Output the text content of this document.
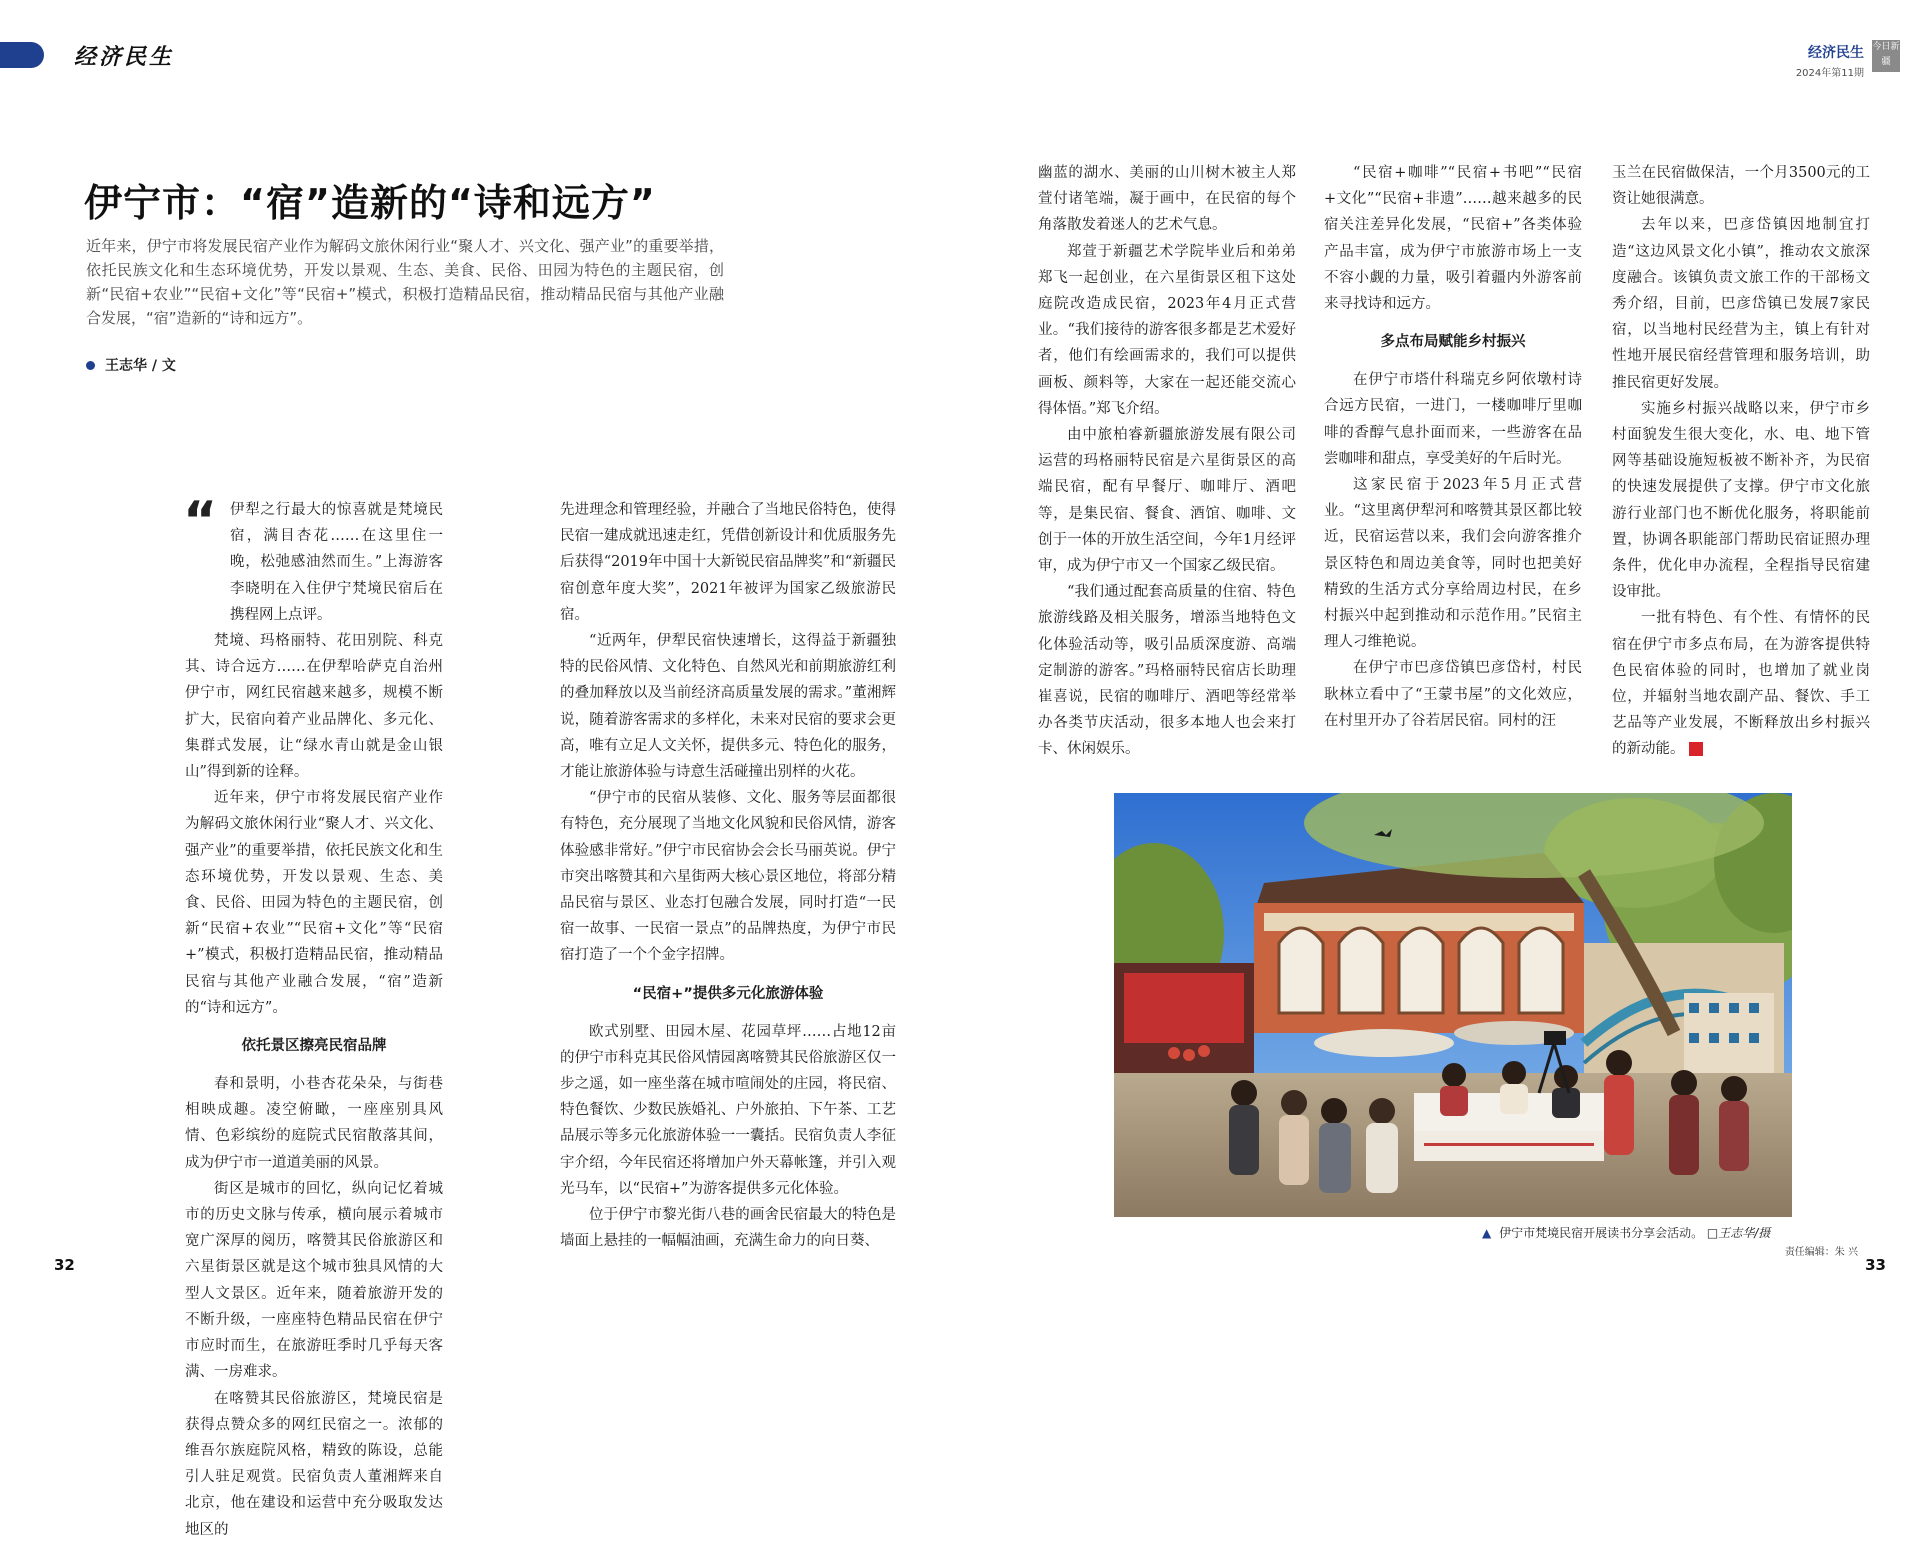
经济民生	经济民生
2024年第11期
今日新疆
伊宁市：“宿”造新的“诗和远方”
近年来，伊宁市将发展民宿产业作为解码文旅休闲行业“聚人才、兴文化、强产业”的重要举措，依托民族文化和生态环境优势，开发以景观、生态、美食、民俗、田园为特色的主题民宿，创新“民宿+农业”“民宿+文化”等“民宿+”模式，积极打造精品民宿，推动精品民宿与其他产业融合发展，“宿”造新的“诗和远方”。
王志华 / 文
“ 伊犁之行最大的惊喜就是梵境民宿，满目杏花……在这里住一晚，松弛感油然而生。”上海游客李晓明在入住伊宁梵境民宿后在携程网上点评。

梵境、玛格丽特、花田别院、科克其、诗合远方……在伊犁哈萨克自治州伊宁市，网红民宿越来越多，规模不断扩大，民宿向着产业品牌化、多元化、集群式发展，让“绿水青山就是金山银山”得到新的诠释。

近年来，伊宁市将发展民宿产业作为解码文旅休闲行业“聚人才、兴文化、强产业”的重要举措，依托民族文化和生态环境优势，开发以景观、生态、美食、民俗、田园为特色的主题民宿，创新“民宿+农业”“民宿+文化”等“民宿+”模式，积极打造精品民宿，推动精品民宿与其他产业融合发展，“宿”造新的“诗和远方”。

依托景区擦亮民宿品牌

春和景明，小巷杏花朵朵，与街巷相映成趣。凌空俯瞰，一座座别具风情、色彩缤纷的庭院式民宿散落其间，成为伊宁市一道道美丽的风景。

街区是城市的回忆，纵向记忆着城市的历史文脉与传承，横向展示着城市宽广深厚的阅历，喀赞其民俗旅游区和六星街景区就是这个城市独具风情的大型人文景区。近年来，随着旅游开发的不断升级，一座座特色精品民宿在伊宁市应时而生，在旅游旺季时几乎每天客满、一房难求。

在喀赞其民俗旅游区，梵境民宿是获得点赞众多的网红民宿之一。浓郁的维吾尔族庭院风格，精致的陈设，总能引人驻足观赏。民宿负责人董湘辉来自北京，他在建设和运营中充分吸取发达地区的

先进理念和管理经验，并融合了当地民俗特色，使得民宿一建成就迅速走红，凭借创新设计和优质服务先后获得“2019年中国十大新锐民宿品牌奖”和“新疆民宿创意年度大奖”，2021年被评为国家乙级旅游民宿。

“近两年，伊犁民宿快速增长，这得益于新疆独特的民俗风情、文化特色、自然风光和前期旅游红利的叠加释放以及当前经济高质量发展的需求。”董湘辉说，随着游客需求的多样化，未来对民宿的要求会更高，唯有立足人文关怀，提供多元、特色化的服务，才能让旅游体验与诗意生活碰撞出别样的火花。

“伊宁市的民宿从装修、文化、服务等层面都很有特色，充分展现了当地文化风貌和民俗风情，游客体验感非常好。”伊宁市民宿协会会长马丽英说。伊宁市突出喀赞其和六星街两大核心景区地位，将部分精品民宿与景区、业态打包融合发展，同时打造“一民宿一故事、一民宿一景点”的品牌热度，为伊宁市民宿打造了一个个金字招牌。

“民宿+”提供多元化旅游体验

欧式别墅、田园木屋、花园草坪……占地12亩的伊宁市科克其民俗风情园离喀赞其民俗旅游区仅一步之遥，如一座坐落在城市喧闹处的庄园，将民宿、特色餐饮、少数民族婚礼、户外旅拍、下午茶、工艺品展示等多元化旅游体验一一囊括。民宿负责人李征宇介绍，今年民宿还将增加户外天幕帐篷，并引入观光马车，以“民宿+”为游客提供多元化体验。

位于伊宁市黎光街八巷的画舍民宿最大的特色是墙面上悬挂的一幅幅油画，充满生命力的向日葵、

幽蓝的湖水、美丽的山川树木被主人郑萱付诸笔端，凝于画中，在民宿的每个角落散发着迷人的艺术气息。

郑萱于新疆艺术学院毕业后和弟弟郑飞一起创业，在六星街景区租下这处庭院改造成民宿，2023年4月正式营业。“我们接待的游客很多都是艺术爱好者，他们有绘画需求的，我们可以提供画板、颜料等，大家在一起还能交流心得体悟。”郑飞介绍。

由中旅柏睿新疆旅游发展有限公司运营的玛格丽特民宿是六星街景区的高端民宿，配有早餐厅、咖啡厅、酒吧等，是集民宿、餐食、酒馆、咖啡、文创于一体的开放生活空间，今年1月经评审，成为伊宁市又一个国家乙级民宿。

“我们通过配套高质量的住宿、特色旅游线路及相关服务，增添当地特色文化体验活动等，吸引品质深度游、高端定制游的游客。”玛格丽特民宿店长助理崔喜说，民宿的咖啡厅、酒吧等经常举办各类节庆活动，很多本地人也会来打卡、休闲娱乐。

“民宿+咖啡”“民宿+书吧”“民宿+文化”“民宿+非遗”……越来越多的民宿关注差异化发展，“民宿+”各类体验产品丰富，成为伊宁市旅游市场上一支不容小觑的力量，吸引着疆内外游客前来寻找诗和远方。

多点布局赋能乡村振兴

在伊宁市塔什科瑞克乡阿依墩村诗合远方民宿，一进门，一楼咖啡厅里咖啡的香醇气息扑面而来，一些游客在品尝咖啡和甜点，享受美好的午后时光。

这家民宿于2023年5月正式营业。“这里离伊犁河和喀赞其景区都比较近，民宿运营以来，我们会向游客推介景区特色和周边美食等，同时也把美好精致的生活方式分享给周边村民，在乡村振兴中起到推动和示范作用。”民宿主理人刁维艳说。

在伊宁市巴彦岱镇巴彦岱村，村民耿林立看中了“王蒙书屋”的文化效应，在村里开办了谷若居民宿。同村的汪

玉兰在民宿做保洁，一个月3500元的工资让她很满意。

去年以来，巴彦岱镇因地制宜打造“这边风景文化小镇”，推动农文旅深度融合。该镇负责文旅工作的干部杨文秀介绍，目前，巴彦岱镇已发展7家民宿，以当地村民经营为主，镇上有针对性地开展民宿经营管理和服务培训，助推民宿更好发展。

实施乡村振兴战略以来，伊宁市乡村面貌发生很大变化，水、电、地下管网等基础设施短板被不断补齐，为民宿的快速发展提供了支撑。伊宁市文化旅游行业部门也不断优化服务，将职能前置，协调各职能部门帮助民宿证照办理条件，优化申办流程，全程指导民宿建设审批。

一批有特色、有个性、有情怀的民宿在伊宁市多点布局，在为游客提供特色民宿体验的同时，也增加了就业岗位，并辐射当地农副产品、餐饮、手工艺品等产业发展，不断释放出乡村振兴的新动能。	J

▲ 伊宁市梵境民宿开展读书分享会活动。 □王志华/摄
责任编辑：朱 兴
32	33
